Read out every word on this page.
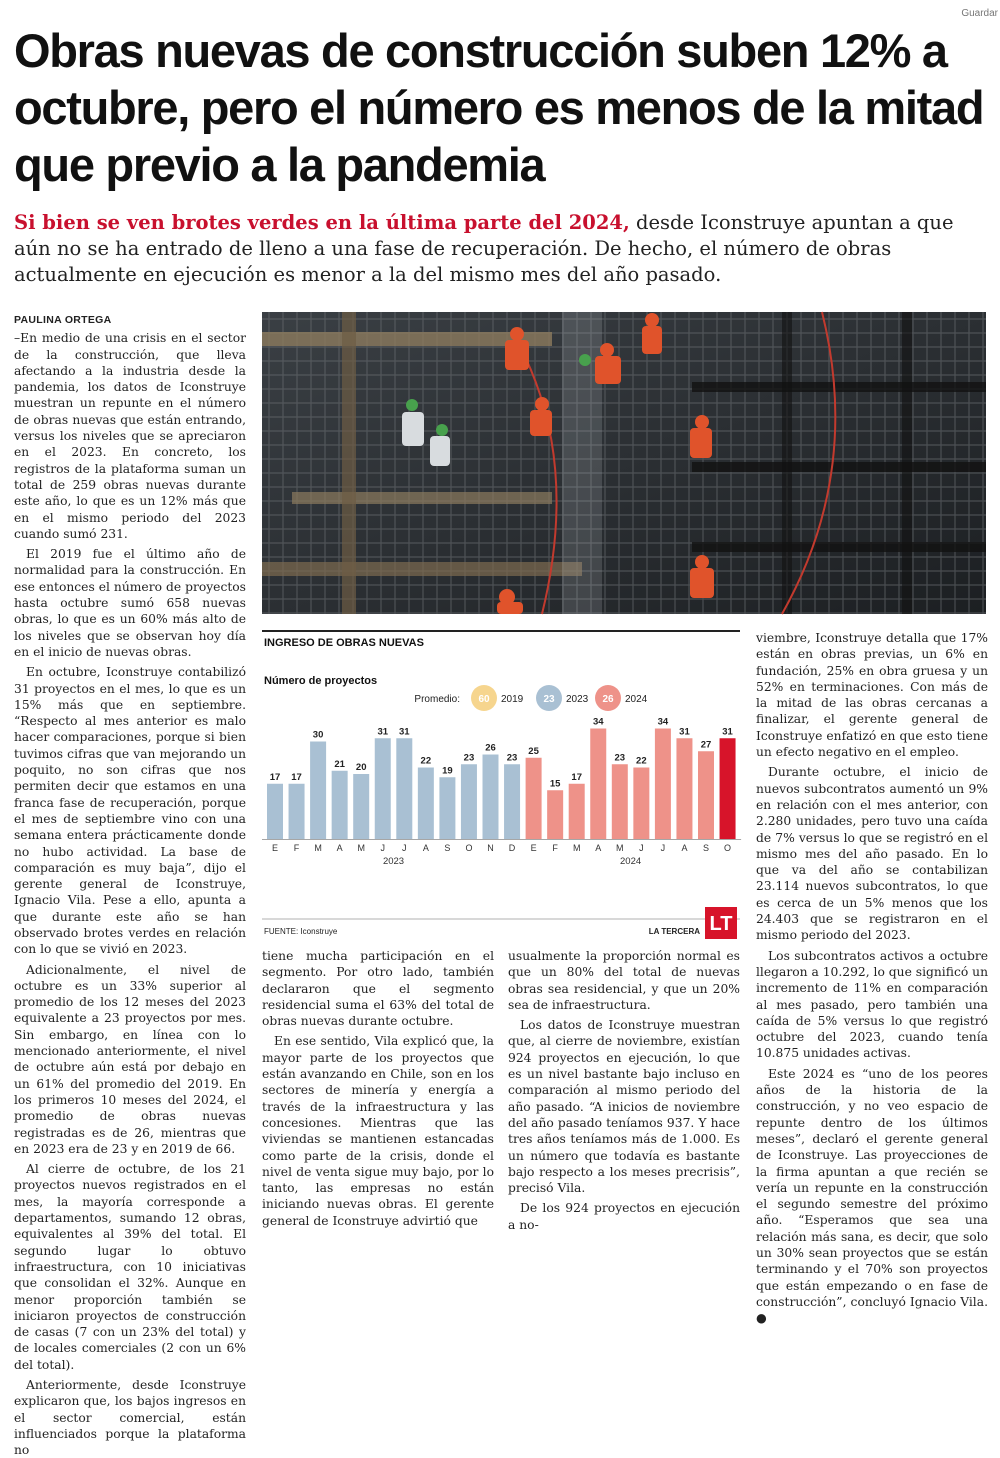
Guardar
Obras nuevas de construcción suben 12% a octubre, pero el número es menos de la mitad que previo a la pandemia

Si bien se ven brotes verdes en la última parte del 2024, desde Iconstruye apuntan a que aún no se ha entrado de lleno a una fase de recuperación. De hecho, el número de obras actualmente en ejecución es menor a la del mismo mes del año pasado.

PAULINA ORTEGA

–En medio de una crisis en el sector de la construcción, que lleva afectando a la industria desde la pandemia, los datos de Iconstruye muestran un repunte en el número de obras nuevas que están entrando, versus los niveles que se apreciaron en el 2023. En concreto, los registros de la plataforma suman un total de 259 obras nuevas durante este año, lo que es un 12% más que en el mismo periodo del 2023 cuando sumó 231.

El 2019 fue el último año de normalidad para la construcción. En ese entonces el número de proyectos hasta octubre sumó 658 nuevas obras, lo que es un 60% más alto de los niveles que se observan hoy día en el inicio de nuevas obras.

En octubre, Iconstruye contabilizó 31 proyectos en el mes, lo que es un 15% más que en septiembre. “Respecto al mes anterior es malo hacer comparaciones, porque si bien tuvimos cifras que van mejorando un poquito, no son cifras que nos permiten decir que estamos en una franca fase de recuperación, porque el mes de septiembre vino con una semana entera prácticamente donde no hubo actividad. La base de comparación es muy baja”, dijo el gerente general de Iconstruye, Ignacio Vila. Pese a ello, apunta a que durante este año se han observado brotes verdes en relación con lo que se vivió en 2023.

Adicionalmente, el nivel de octubre es un 33% superior al promedio de los 12 meses del 2023 equivalente a 23 proyectos por mes. Sin embargo, en línea con lo mencionado anteriormente, el nivel de octubre aún está por debajo en un 61% del promedio del 2019. En los primeros 10 meses del 2024, el promedio de obras nuevas registradas es de 26, mientras que en 2023 era de 23 y en 2019 de 66.

Al cierre de octubre, de los 21 proyectos nuevos registrados en el mes, la mayoría corresponde a departamentos, sumando 12 obras, equivalentes al 39% del total. El segundo lugar lo obtuvo infraestructura, con 10 iniciativas que consolidan el 32%. Aunque en menor proporción también se iniciaron proyectos de construcción de casas (7 con un 23% del total) y de locales comerciales (2 con un 6% del total).

Anteriormente, desde Iconstruye explicaron que, los bajos ingresos en el sector comercial, están influenciados porque la plataforma no

INGRESO DE OBRAS NUEVAS
Número de proyectos
Promedio: 60 2019 23 2023 26 2024
17 17
30
21 20
31 31
22
19
23
26
23
25
15
17
34
23 22
34
31
27
31
E F M A M J J A S O N D E F M A M J J A S O
2023	2024
FUENTE: Iconstruye	LA TERCERA LT

tiene mucha participación en el segmento. Por otro lado, también declararon que el segmento residencial suma el 63% del total de obras nuevas durante octubre.

En ese sentido, Vila explicó que, la mayor parte de los proyectos que están avanzando en Chile, son en los sectores de minería y energía a través de la infraestructura y las concesiones. Mientras que las viviendas se mantienen estancadas como parte de la crisis, donde el nivel de venta sigue muy bajo, por lo tanto, las empresas no están iniciando nuevas obras. El gerente general de Iconstruye advirtió que

usualmente la proporción normal es que un 80% del total de nuevas obras sea residencial, y que un 20% sea de infraestructura.

Los datos de Iconstruye muestran que, al cierre de noviembre, existían 924 proyectos en ejecución, lo que es un nivel bastante bajo incluso en comparación al mismo periodo del año pasado. “A inicios de noviembre del año pasado teníamos 937. Y hace tres años teníamos más de 1.000. Es un número que todavía es bastante bajo respecto a los meses precrisis”, precisó Vila.

De los 924 proyectos en ejecución a no-

viembre, Iconstruye detalla que 17% están en obras previas, un 6% en fundación, 25% en obra gruesa y un 52% en terminaciones. Con más de la mitad de las obras cercanas a finalizar, el gerente general de Iconstruye enfatizó en que esto tiene un efecto negativo en el empleo.

Durante octubre, el inicio de nuevos subcontratos aumentó un 9% en relación con el mes anterior, con 2.280 unidades, pero tuvo una caída de 7% versus lo que se registró en el mismo mes del año pasado. En lo que va del año se contabilizan 23.114 nuevos subcontratos, lo que es cerca de un 5% menos que los 24.403 que se registraron en el mismo periodo del 2023.

Los subcontratos activos a octubre llegaron a 10.292, lo que significó un incremento de 11% en comparación al mes pasado, pero también una caída de 5% versus lo que registró octubre del 2023, cuando tenía 10.875 unidades activas.

Este 2024 es “uno de los peores años de la historia de la construcción, y no veo espacio de repunte dentro de los últimos meses”, declaró el gerente general de Iconstruye. Las proyecciones de la firma apuntan a que recién se vería un repunte en la construcción el segundo semestre del próximo año. “Esperamos que sea una relación más sana, es decir, que solo un 30% sean proyectos que se están terminando y el 70% son proyectos que están empezando o en fase de construcción”, concluyó Ignacio Vila. ●
